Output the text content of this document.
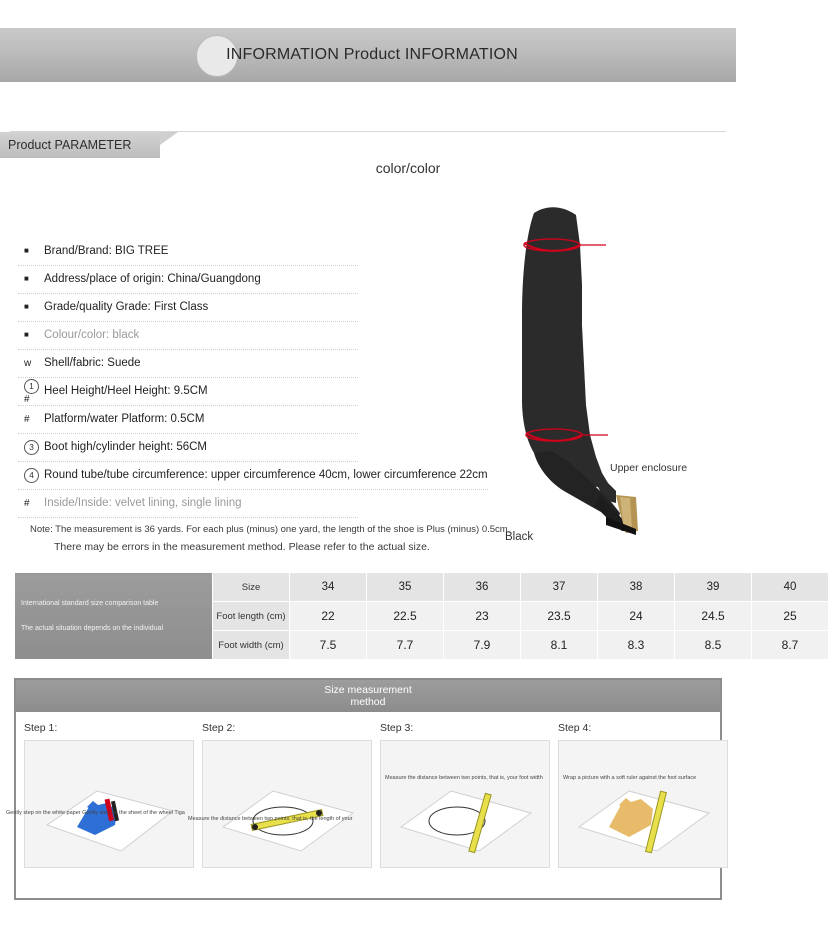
INFORMATION Product INFORMATION
Product PARAMETER
color/color
■
Brand/Brand: BIG TREE
■
Address/place of origin: China/Guangdong
■
Grade/quality Grade: First Class
■
Colour/color: black
w	Shell/fabric: Suede
1#
Heel Height/Heel Height: 9.5CM
#	Platform/water Platform: 0.5CM
3 Boot high/cylinder height: 56CM
4 Round tube/tube circumference: upper circumference 40cm, lower circumference 22cm
#	Inside/Inside: velvet lining, single lining
Note: The measurement is 36 yards. For each plus (minus) one yard, the length of the shoe is Plus (minus) 0.5cm.
There may be errors in the measurement method. Please refer to the actual size.
Upper enclosure
Black
International standard size comparison table
The actual situation depends on the individual	Size	34	35	36	37	38	39	40
	Foot length (cm)	22	22.5	23	23.5	24	24.5	25
	Foot width (cm)	7.5	7.7	7.9	8.1	8.3	8.5	8.7
Size measurement
method
Step 1:	Step 2:	Step 3:
Measure the distance between two points, that is, your foot width
Step 4:
Wrap a picture with a soft ruler against the foot surface
Gently step on the white paper Gently step on the sheet of the wheel Tiga
Measure the distance between two points, that is, the length of your
